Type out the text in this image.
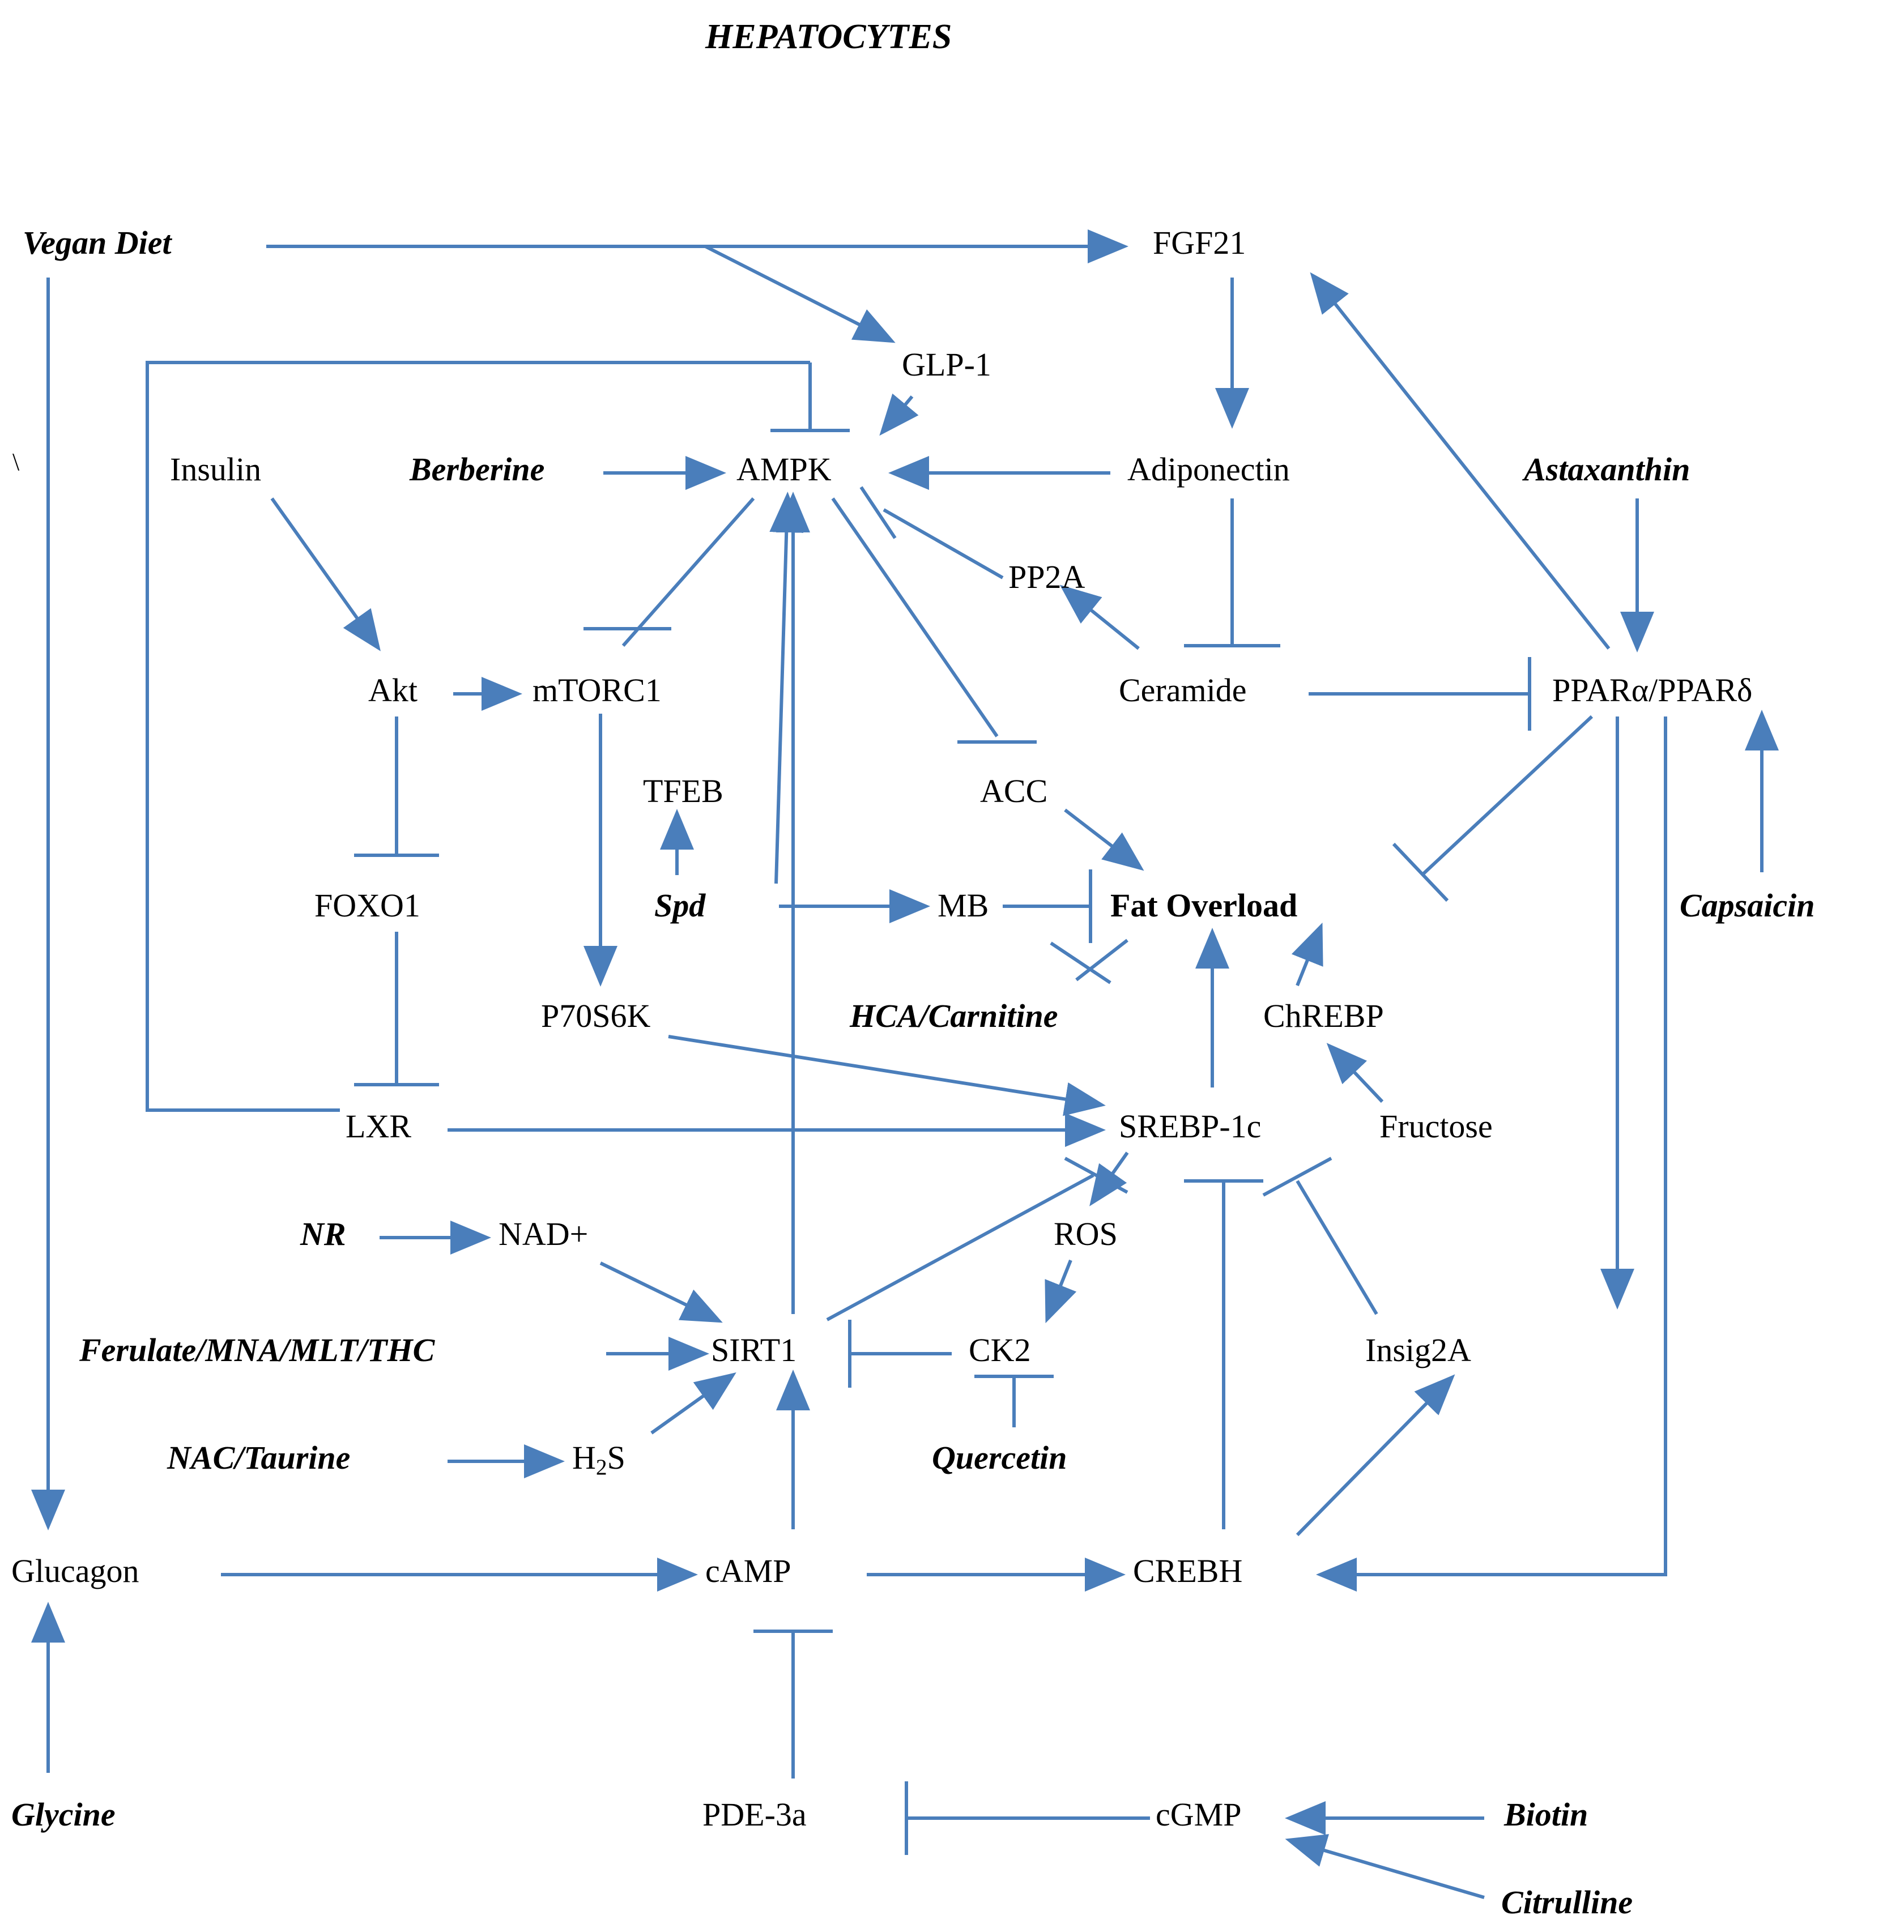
HEPATOCYTES
\
Vegan Diet	FGF21
GLP-1
Insulin	Berberine	AMPK	Adiponectin	Astaxanthin
PP2A
Akt	mTORC1	Ceramide	PPARα/PPARδ
TFEB	ACC
FOXO1	Spd	MB	Fat Overload	Capsaicin
P70S6K	HCA/Carnitine	ChREBP
LXR	SREBP-1c	Fructose
NR	NAD+	ROS
Ferulate/MNA/MLT/THC	SIRT1	CK2	Insig2A
NAC/Taurine	$H_2S$	Quercetin
Glucagon	cAMP	CREBH
Glycine	PDE-3a	cGMP	Biotin
Citrulline
